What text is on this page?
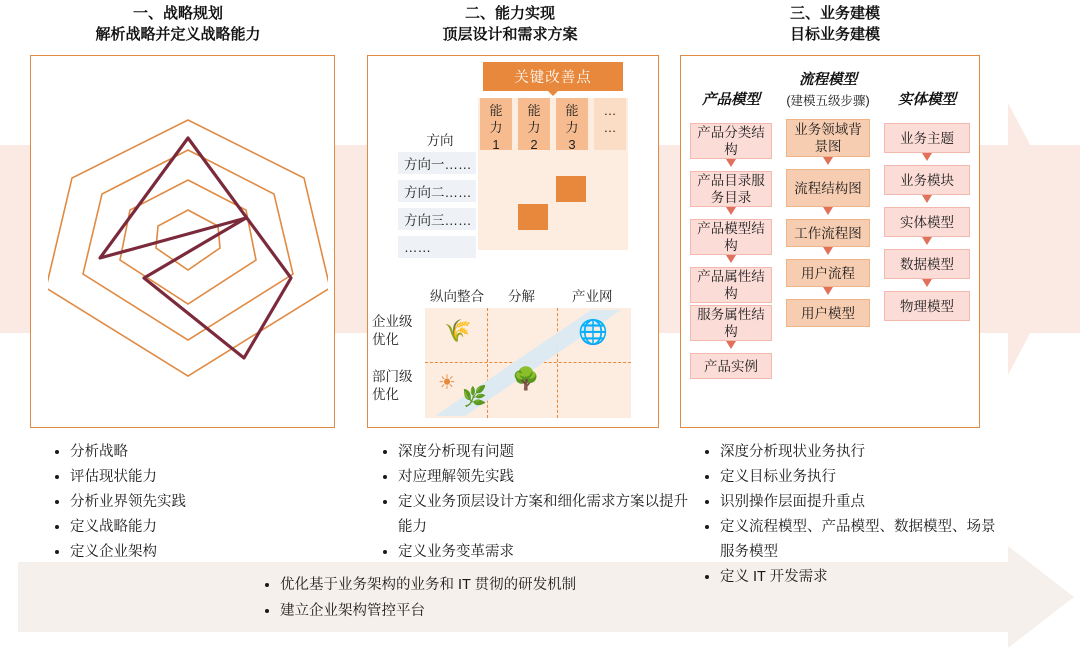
一、战略规划
解析战略并定义战略能力
• 分析战略
• 评估现状能力
• 分析业界领先实践
• 定义战略能力
• 定义企业架构
二、能力实现
顶层设计和需求方案
关键改善点
能
力
1
能
力
2
能
力
3
…
…
方向
方向一……
方向二……
方向三……
……
纵向整合 分解	产业网
企业级
优化
部门级
优化
🌾
☀
🌿
🌳
🌐
• 深度分析现有问题
• 对应理解领先实践
• 定义业务顶层设计方案和细化需求方案以提升能力
• 定义业务变革需求
三、业务建模
目标业务建模
产品模型
产品分类结构
产品目录服务目录
产品模型结构
产品属性结构
服务属性结构
产品实例
流程模型
(建模五级步骤)
业务领域背景图
流程结构图
工作流程图
用户流程
用户模型
实体模型
业务主题
业务模块
实体模型
数据模型
物理模型
• 深度分析现状业务执行
• 定义目标业务执行
• 识别操作层面提升重点
• 定义流程模型、产品模型、数据模型、场景服务模型
• 定义 IT 开发需求
• 优化基于业务架构的业务和 IT 贯彻的研发机制
• 建立企业架构管控平台
